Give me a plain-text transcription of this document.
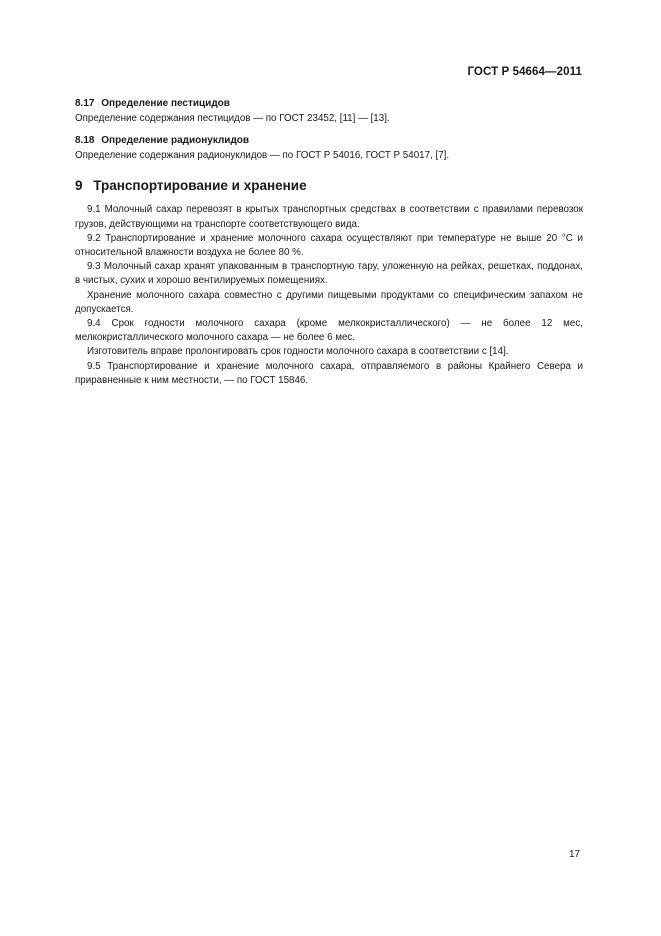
ГОСТ Р 54664—2011

8.17 Определение пестицидов

Определение содержания пестицидов — по ГОСТ 23452, [11] — [13].

8.18 Определение радионуклидов

Определение содержания радионуклидов — по ГОСТ Р 54016, ГОСТ Р 54017, [7].

9 Транспортирование и хранение

9.1 Молочный сахар перевозят в крытых транспортных средствах в соответствии с правилами перевозок грузов, действующими на транспорте соответствующего вида.

9.2 Транспортирование и хранение молочного сахара осуществляют при температуре не выше 20 °С и относительной влажности воздуха не более 80 %.

9.3 Молочный сахар хранят упакованным в транспортную тару, уложенную на рейках, решетках, поддонах, в чистых, сухих и хорошо вентилируемых помещениях.

Хранение молочного сахара совместно с другими пищевыми продуктами со специфическим запахом не допускается.

9.4 Срок годности молочного сахара (кроме мелкокристаллического) — не более 12 мес, мелкокристаллического молочного сахара — не более 6 мес.

Изготовитель вправе пролонгировать срок годности молочного сахара в соответствии с [14].

9.5 Транспортирование и хранение молочного сахара, отправляемого в районы Крайнего Севера и приравненные к ним местности, — по ГОСТ 15846.

17
